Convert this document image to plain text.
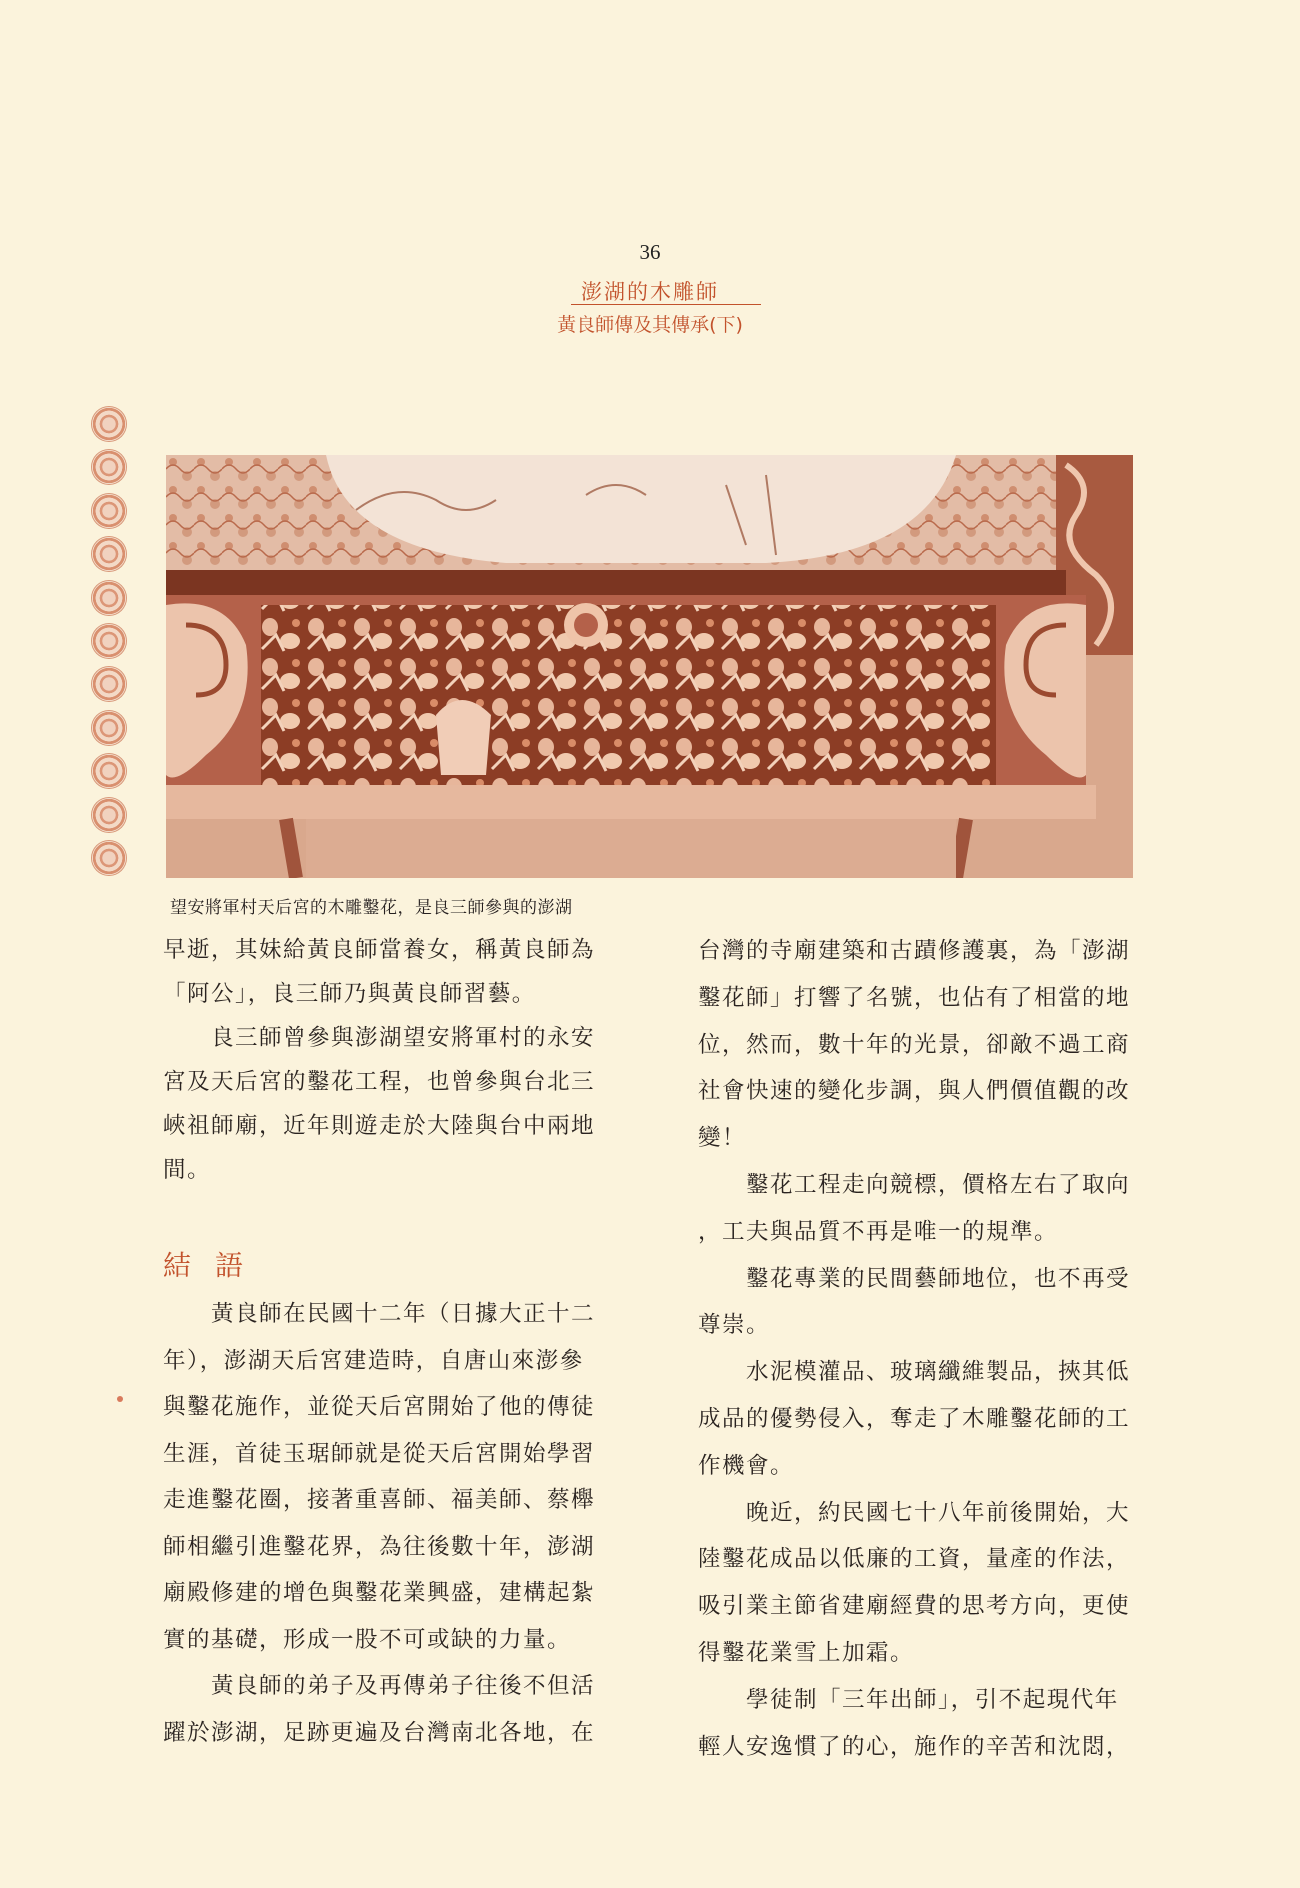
36
澎湖的木雕師
黃良師傳及其傳承(下)
望安將軍村天后宮的木雕鑿花，是良三師參與的澎湖

早逝，其妹給黃良師當養女，稱黃良師為

「阿公」，良三師乃與黃良師習藝。

　　良三師曾參與澎湖望安將軍村的永安

宮及天后宮的鑿花工程，也曾參與台北三

峽祖師廟，近年則遊走於大陸與台中兩地

間。

結語

　　黃良師在民國十二年（日據大正十二

年），澎湖天后宮建造時，自唐山來澎參

與鑿花施作，並從天后宮開始了他的傳徒

生涯，首徒玉琚師就是從天后宮開始學習

走進鑿花圈，接著重喜師、福美師、蔡櫸

師相繼引進鑿花界，為往後數十年，澎湖

廟殿修建的增色與鑿花業興盛，建構起紮

實的基礎，形成一股不可或缺的力量。

　　黃良師的弟子及再傳弟子往後不但活

躍於澎湖，足跡更遍及台灣南北各地，在

台灣的寺廟建築和古蹟修護裏，為「澎湖

鑿花師」打響了名號，也佔有了相當的地

位，然而，數十年的光景，卻敵不過工商

社會快速的變化步調，與人們價值觀的改

變！

　　鑿花工程走向競標，價格左右了取向

，工夫與品質不再是唯一的規準。

　　鑿花專業的民間藝師地位，也不再受

尊崇。

　　水泥模灌品、玻璃纖維製品，挾其低

成品的優勢侵入，奪走了木雕鑿花師的工

作機會。

　　晚近，約民國七十八年前後開始，大

陸鑿花成品以低廉的工資，量產的作法，

吸引業主節省建廟經費的思考方向，更使

得鑿花業雪上加霜。

　　學徒制「三年出師」，引不起現代年

輕人安逸慣了的心，施作的辛苦和沈悶，
